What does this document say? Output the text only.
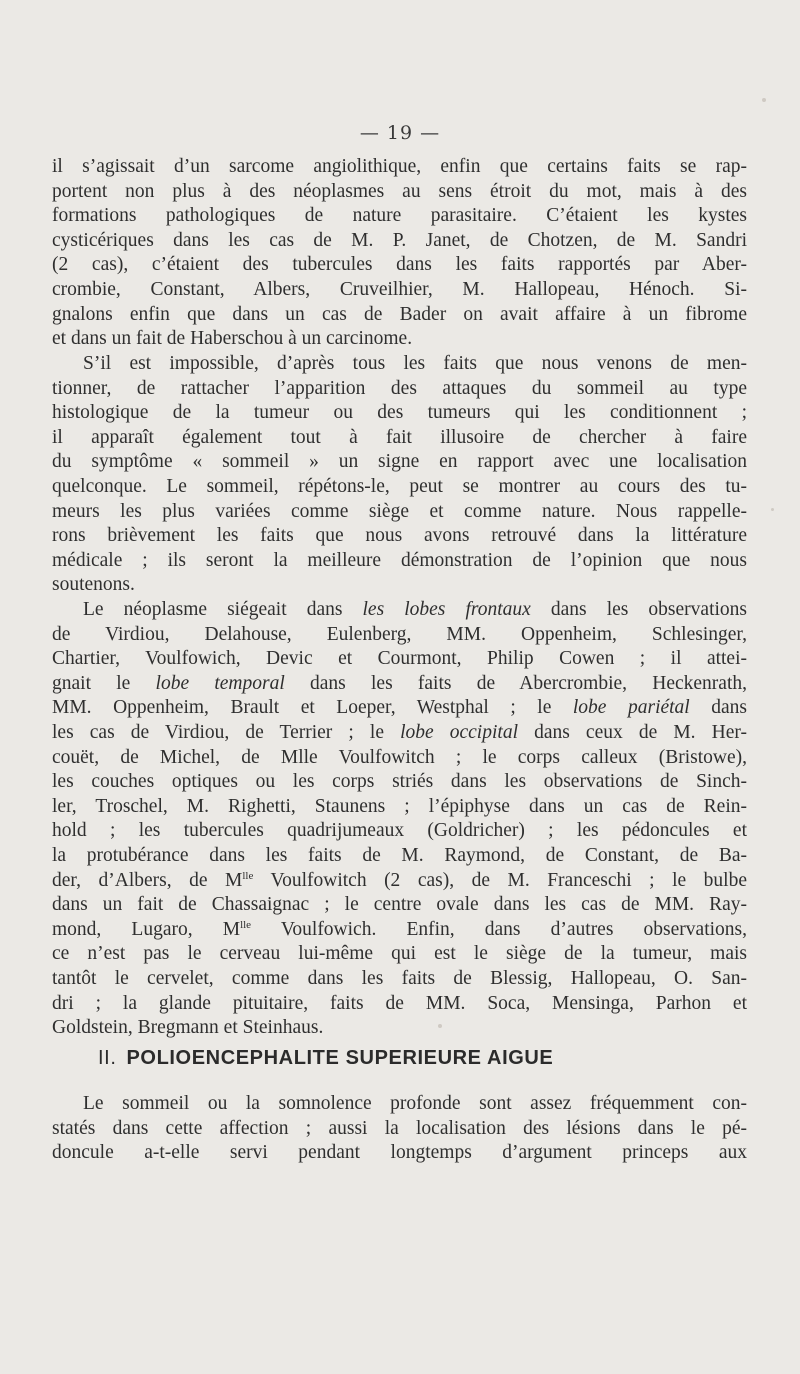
— 19 —
il s’agissait d’un sarcome angiolithique, enfin que certains faits se rap-
portent non plus à des néoplasmes au sens étroit du mot, mais à des
formations pathologiques de nature parasitaire. C’étaient les kystes
cysticériques dans les cas de M. P. Janet, de Chotzen, de M. Sandri
(2 cas), c’étaient des tubercules dans les faits rapportés par Aber-
crombie, Constant, Albers, Cruveilhier, M. Hallopeau, Hénoch. Si-
gnalons enfin que dans un cas de Bader on avait affaire à un fibrome
et dans un fait de Haberschou à un carcinome.
S’il est impossible, d’après tous les faits que nous venons de men-
tionner, de rattacher l’apparition des attaques du sommeil au type
histologique de la tumeur ou des tumeurs qui les conditionnent ;
il apparaît également tout à fait illusoire de chercher à faire
du symptôme « sommeil » un signe en rapport avec une localisation
quelconque. Le sommeil, répétons-le, peut se montrer au cours des tu-
meurs les plus variées comme siège et comme nature. Nous rappelle-
rons brièvement les faits que nous avons retrouvé dans la littérature
médicale ; ils seront la meilleure démonstration de l’opinion que nous
soutenons.
Le néoplasme siégeait dans les lobes frontaux dans les observations
de Virdiou, Delahouse, Eulenberg, MM. Oppenheim, Schlesinger,
Chartier, Voulfowich, Devic et Courmont, Philip Cowen ; il attei-
gnait le lobe temporal dans les faits de Abercrombie, Heckenrath,
MM. Oppenheim, Brault et Loeper, Westphal ; le lobe pariétal dans
les cas de Virdiou, de Terrier ; le lobe occipital dans ceux de M. Her-
couët, de Michel, de Mlle Voulfowitch ; le corps calleux (Bristowe),
les couches optiques ou les corps striés dans les observations de Sinch-
ler, Troschel, M. Righetti, Staunens ; l’épiphyse dans un cas de Rein-
hold ; les tubercules quadrijumeaux (Goldricher) ; les pédoncules et
la protubérance dans les faits de M. Raymond, de Constant, de Ba-
der, d’Albers, de $M^{lle}$ Voulfowitch (2 cas), de M. Franceschi ; le bulbe
dans un fait de Chassaignac ; le centre ovale dans les cas de MM. Ray-
mond, Lugaro, $M^{lle}$ Voulfowich. Enfin, dans d’autres observations,
ce n’est pas le cerveau lui-même qui est le siège de la tumeur, mais
tantôt le cervelet, comme dans les faits de Blessig, Hallopeau, O. San-
dri ; la glande pituitaire, faits de MM. Soca, Mensinga, Parhon et
Goldstein, Bregmann et Steinhaus.
II. POLIOENCEPHALITE SUPERIEURE AIGUE
Le sommeil ou la somnolence profonde sont assez fréquemment con-
statés dans cette affection ; aussi la localisation des lésions dans le pé-
doncule a-t-elle servi pendant longtemps d’argument princeps aux
